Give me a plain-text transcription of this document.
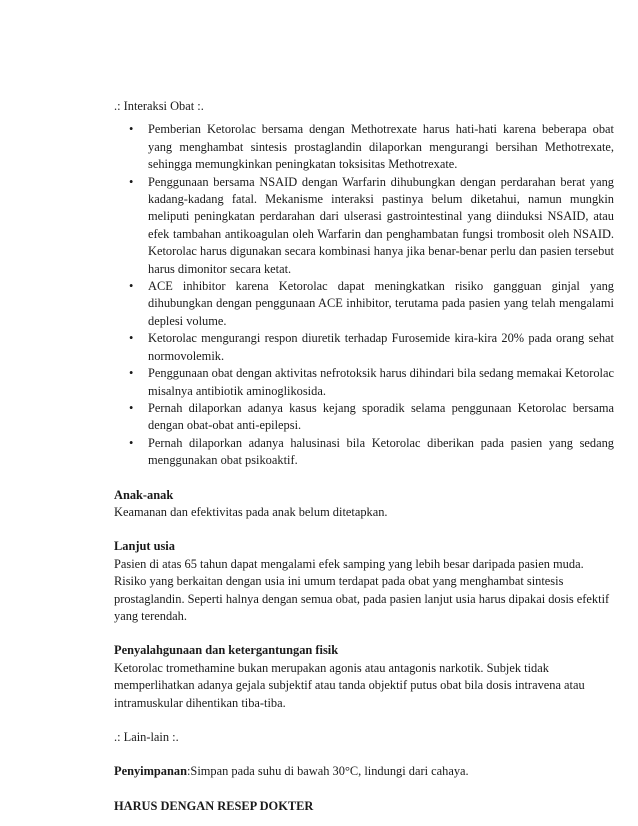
.: Interaksi Obat :.

• Pemberian Ketorolac bersama dengan Methotrexate harus hati-hati karena beberapa obat yang menghambat sintesis prostaglandin dilaporkan mengurangi bersihan Methotrexate, sehingga memungkinkan peningkatan toksisitas Methotrexate.
• Penggunaan bersama NSAID dengan Warfarin dihubungkan dengan perdarahan berat yang kadang-kadang fatal. Mekanisme interaksi pastinya belum diketahui, namun mungkin meliputi peningkatan perdarahan dari ulserasi gastrointestinal yang diinduksi NSAID, atau efek tambahan antikoagulan oleh Warfarin dan penghambatan fungsi trombosit oleh NSAID. Ketorolac harus digunakan secara kombinasi hanya jika benar-benar perlu dan pasien tersebut harus dimonitor secara ketat.
• ACE inhibitor karena Ketorolac dapat meningkatkan risiko gangguan ginjal yang dihubungkan dengan penggunaan ACE inhibitor, terutama pada pasien yang telah mengalami deplesi volume.
• Ketorolac mengurangi respon diuretik terhadap Furosemide kira-kira 20% pada orang sehat normovolemik.
• Penggunaan obat dengan aktivitas nefrotoksik harus dihindari bila sedang memakai Ketorolac misalnya antibiotik aminoglikosida.
• Pernah dilaporkan adanya kasus kejang sporadik selama penggunaan Ketorolac bersama dengan obat-obat anti-epilepsi.
• Pernah dilaporkan adanya halusinasi bila Ketorolac diberikan pada pasien yang sedang menggunakan obat psikoaktif.

Anak-anak

Keamanan dan efektivitas pada anak belum ditetapkan.

Lanjut usia

Pasien di atas 65 tahun dapat mengalami efek samping yang lebih besar daripada pasien muda. Risiko yang berkaitan dengan usia ini umum terdapat pada obat yang menghambat sintesis prostaglandin. Seperti halnya dengan semua obat, pada pasien lanjut usia harus dipakai dosis efektif yang terendah.

Penyalahgunaan dan ketergantungan fisik

Ketorolac tromethamine bukan merupakan agonis atau antagonis narkotik. Subjek tidak memperlihatkan adanya gejala subjektif atau tanda objektif putus obat bila dosis intravena atau intramuskular dihentikan tiba-tiba.

.: Lain-lain :.

Penyimpanan:Simpan pada suhu di bawah 30°C, lindungi dari cahaya.

HARUS DENGAN RESEP DOKTER
